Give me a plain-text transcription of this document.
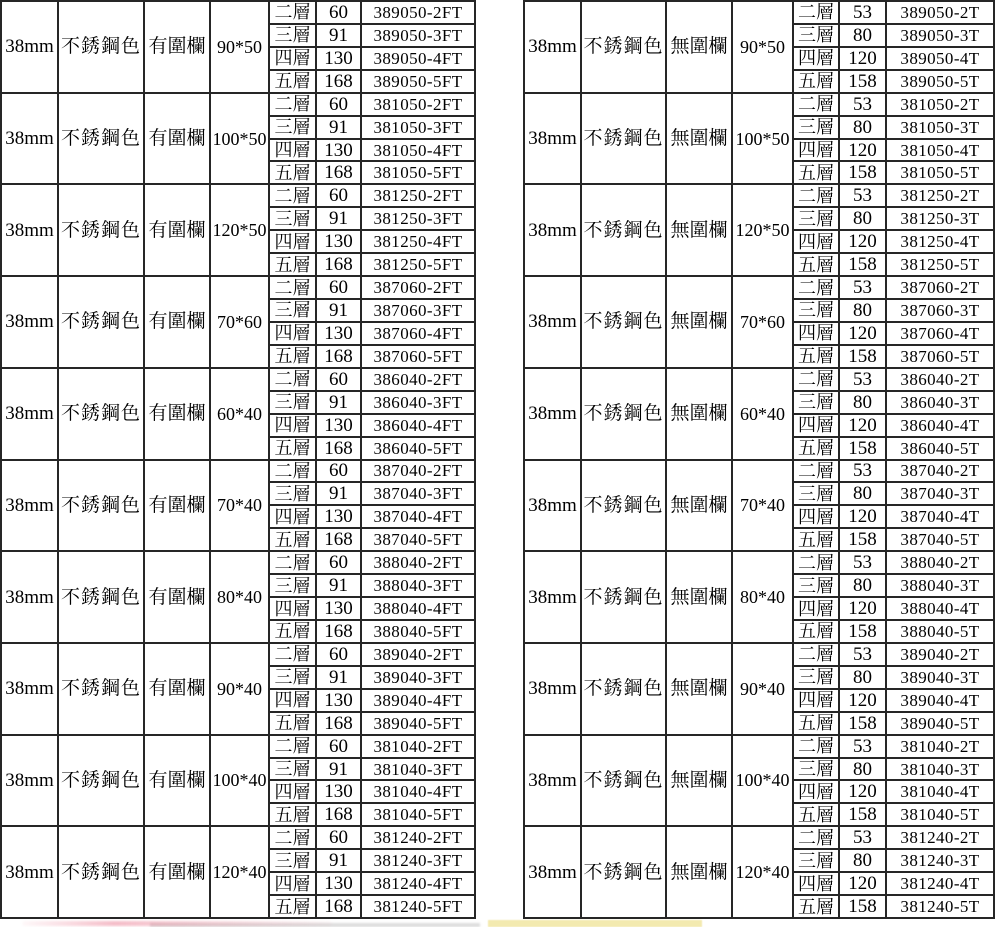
38mm 不銹鋼色 有圍欄 90*50
二層 60	389050-2FT
三層 91	389050-3FT
四層 130	389050-4FT
五層 168	389050-5FT
38mm 不銹鋼色 有圍欄 100*50
二層 60	381050-2FT
三層 91	381050-3FT
四層 130	381050-4FT
五層 168	381050-5FT
38mm 不銹鋼色 有圍欄 120*50
二層 60	381250-2FT
三層 91	381250-3FT
四層 130	381250-4FT
五層 168	381250-5FT
38mm 不銹鋼色 有圍欄 70*60
二層 60	387060-2FT
三層 91	387060-3FT
四層 130	387060-4FT
五層 168	387060-5FT
38mm 不銹鋼色 有圍欄 60*40
二層 60	386040-2FT
三層 91	386040-3FT
四層 130	386040-4FT
五層 168	386040-5FT
38mm 不銹鋼色 有圍欄 70*40
二層 60	387040-2FT
三層 91	387040-3FT
四層 130	387040-4FT
五層 168	387040-5FT
38mm 不銹鋼色 有圍欄 80*40
二層 60	388040-2FT
三層 91	388040-3FT
四層 130	388040-4FT
五層 168	388040-5FT
38mm 不銹鋼色 有圍欄 90*40
二層 60	389040-2FT
三層 91	389040-3FT
四層 130	389040-4FT
五層 168	389040-5FT
38mm 不銹鋼色 有圍欄 100*40
二層 60	381040-2FT
三層 91	381040-3FT
四層 130	381040-4FT
五層 168	381040-5FT
38mm 不銹鋼色 有圍欄 120*40
二層 60	381240-2FT
三層 91	381240-3FT
四層 130	381240-4FT
五層 168	381240-5FT
38mm 不銹鋼色 無圍欄 90*50
二層	53	389050-2T
三層	80	389050-3T
四層 120	389050-4T
五層 158	389050-5T
38mm 不銹鋼色 無圍欄 100*50
二層	53	381050-2T
三層	80	381050-3T
四層 120	381050-4T
五層 158	381050-5T
38mm 不銹鋼色 無圍欄 120*50
二層	53	381250-2T
三層	80	381250-3T
四層 120	381250-4T
五層 158	381250-5T
38mm 不銹鋼色 無圍欄 70*60
二層	53	387060-2T
三層	80	387060-3T
四層 120	387060-4T
五層 158	387060-5T
38mm 不銹鋼色 無圍欄 60*40
二層	53	386040-2T
三層	80	386040-3T
四層 120	386040-4T
五層 158	386040-5T
38mm 不銹鋼色 無圍欄 70*40
二層	53	387040-2T
三層	80	387040-3T
四層 120	387040-4T
五層 158	387040-5T
38mm 不銹鋼色 無圍欄 80*40
二層	53	388040-2T
三層	80	388040-3T
四層 120	388040-4T
五層 158	388040-5T
38mm 不銹鋼色 無圍欄 90*40
二層	53	389040-2T
三層	80	389040-3T
四層 120	389040-4T
五層 158	389040-5T
38mm 不銹鋼色 無圍欄 100*40
二層	53	381040-2T
三層	80	381040-3T
四層 120	381040-4T
五層 158	381040-5T
38mm 不銹鋼色 無圍欄 120*40
二層	53	381240-2T
三層	80	381240-3T
四層 120	381240-4T
五層 158	381240-5T
